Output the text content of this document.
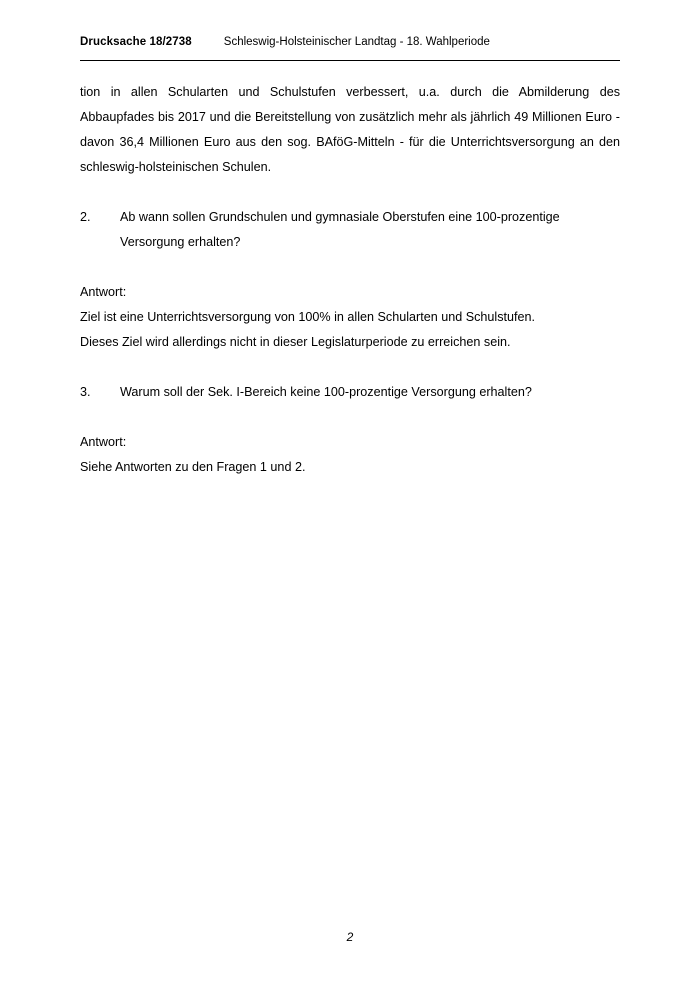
Drucksache 18/2738	Schleswig-Holsteinischer Landtag - 18. Wahlperiode

tion in allen Schularten und Schulstufen verbessert, u.a. durch die Abmilderung des Abbaupfades bis 2017 und die Bereitstellung von zusätzlich mehr als jährlich 49 Millionen Euro - davon 36,4 Millionen Euro aus den sog. BAföG-Mitteln - für die Unterrichtsversorgung an den schleswig-holsteinischen Schulen.

2. Ab wann sollen Grundschulen und gymnasiale Oberstufen eine 100-prozentige Versorgung erhalten?
Antwort:
Ziel ist eine Unterrichtsversorgung von 100% in allen Schularten und Schulstufen.
Dieses Ziel wird allerdings nicht in dieser Legislaturperiode zu erreichen sein.
3. Warum soll der Sek. I-Bereich keine 100-prozentige Versorgung erhalten?
Antwort:
Siehe Antworten zu den Fragen 1 und 2.
2
